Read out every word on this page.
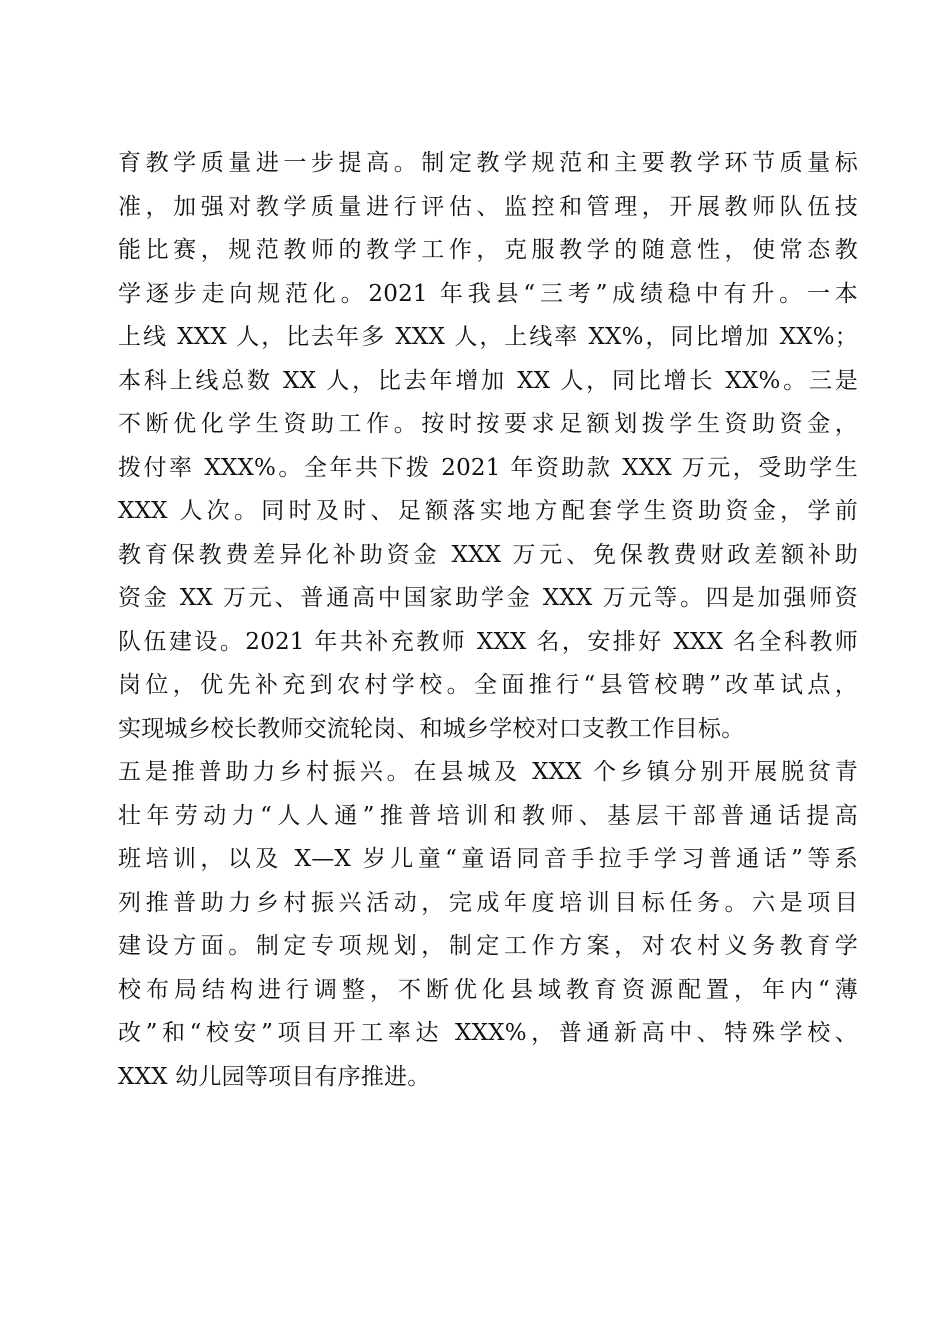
育教学质量进一步提高。制定教学规范和主要教学环节质量标
准，加强对教学质量进行评估、监控和管理，开展教师队伍技
能比赛，规范教师的教学工作，克服教学的随意性，使常态教
学逐步走向规范化。2021 年我县“三考”成绩稳中有升。一本
上线 XXX 人，比去年多 XXX 人，上线率 XX%，同比增加 XX%；
本科上线总数 XX 人，比去年增加 XX 人，同比增长 XX%。三是
不断优化学生资助工作。按时按要求足额划拨学生资助资金，
拨付率 XXX%。全年共下拨 2021 年资助款 XXX 万元，受助学生
XXX 人次。同时及时、足额落实地方配套学生资助资金，学前
教育保教费差异化补助资金 XXX 万元、免保教费财政差额补助
资金 XX 万元、普通高中国家助学金 XXX 万元等。四是加强师资
队伍建设。2021 年共补充教师 XXX 名，安排好 XXX 名全科教师
岗位，优先补充到农村学校。全面推行“县管校聘”改革试点，
实现城乡校长教师交流轮岗、和城乡学校对口支教工作目标。
五是推普助力乡村振兴。在县城及 XXX 个乡镇分别开展脱贫青
壮年劳动力“人人通”推普培训和教师、基层干部普通话提高
班培训，以及 X—X 岁儿童“童语同音手拉手学习普通话”等系
列推普助力乡村振兴活动，完成年度培训目标任务。六是项目
建设方面。制定专项规划，制定工作方案，对农村义务教育学
校布局结构进行调整，不断优化县域教育资源配置，年内“薄
改”和“校安”项目开工率达 XXX%，普通新高中、特殊学校、
XXX 幼儿园等项目有序推进。
